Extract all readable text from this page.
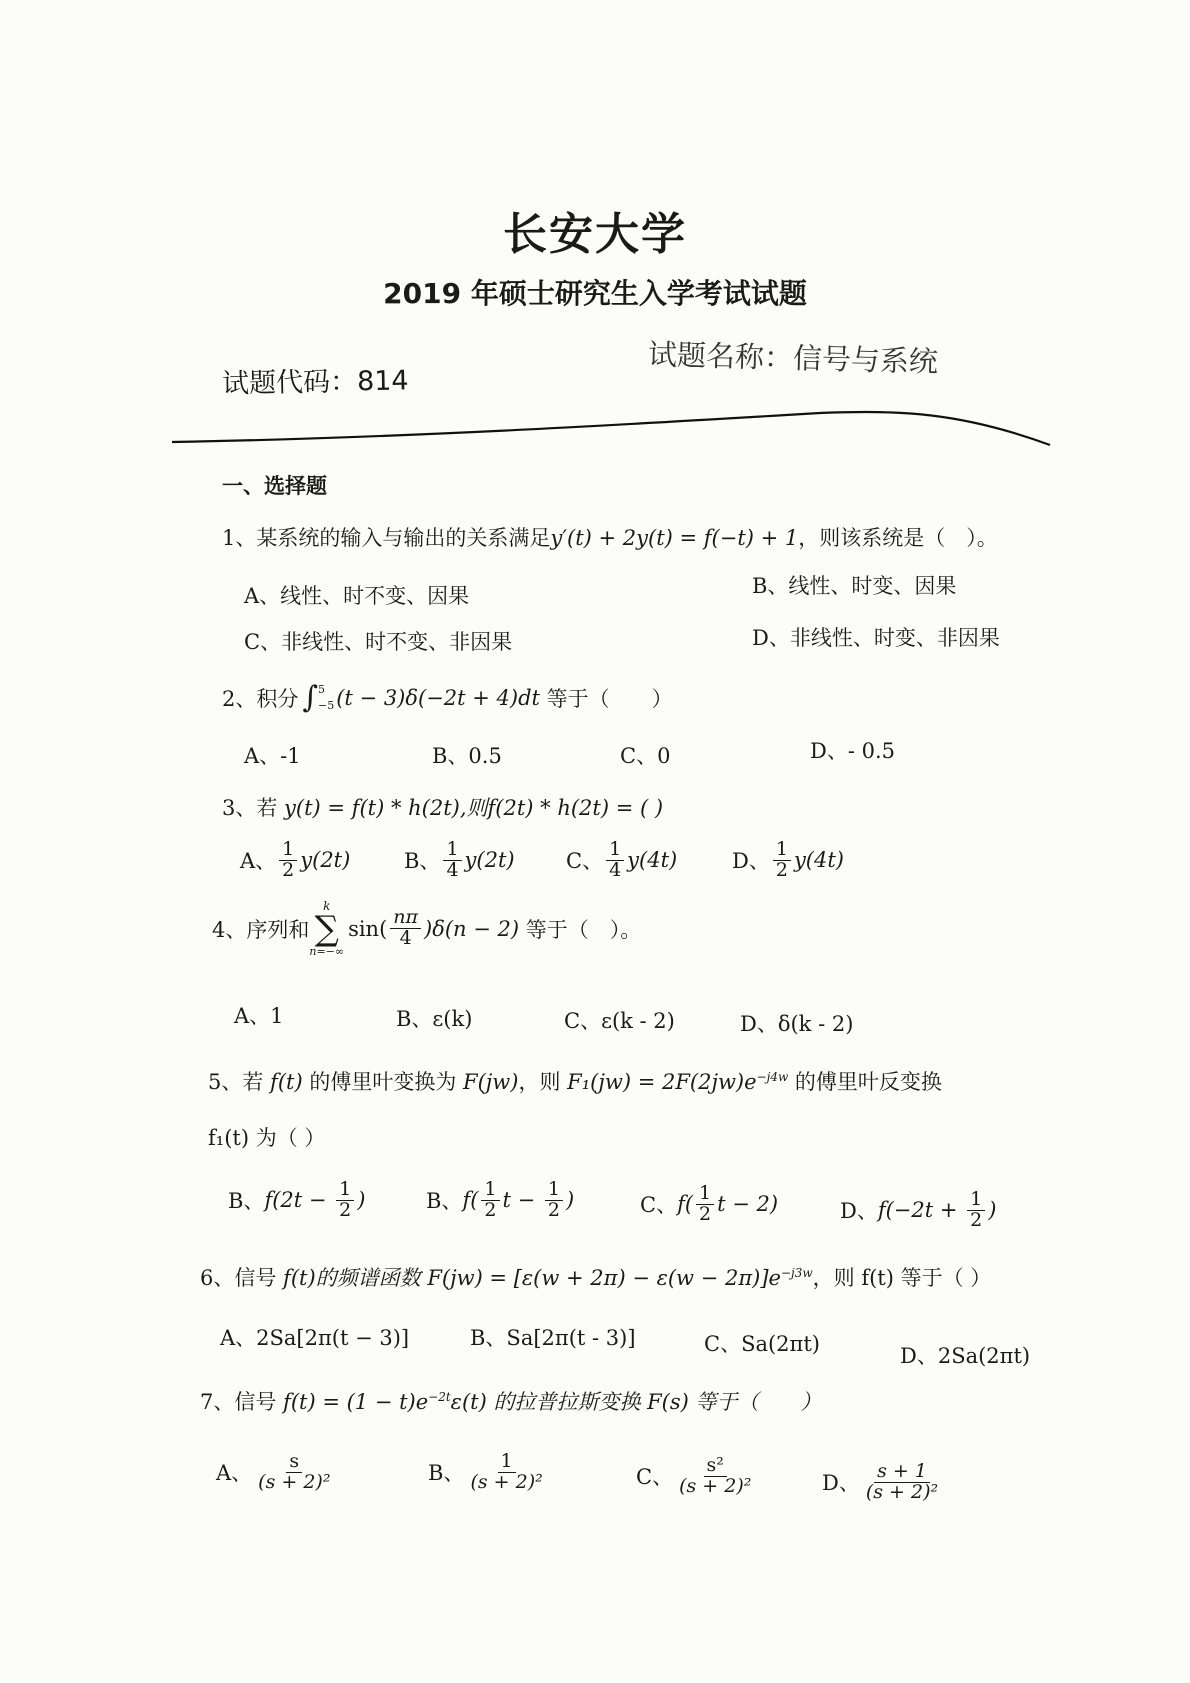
长安大学
2019 年硕士研究生入学考试试题
试题代码：814
试题名称：信号与系统
一、选择题
1、某系统的输入与输出的关系满足y′(t) + 2y(t) = f(−t) + 1，则该系统是（　）。
A、线性、时不变、因果	B、线性、时变、因果
C、非线性、时不变、非因果	D、非线性、时变、非因果
2、积分 ∫ 5
−5 (t − 3)δ(−2t + 4)dt 等于（　　）
A、-1	B、0.5	C、0	D、- 0.5
3、若 y(t) = f(t) * h(2t),则f(2t) * h(2t) = ( )
A、 $\frac{1}{2} y(2t)$	B、 $\frac{1}{4} y(2t)$ C、 $\frac{1}{4} y(4t)$	D、 $\frac{1}{2} y(4t)$
4、序列和
k
∑
n=−∞
$\sin( \frac{n\pi}{4} )\delta(n - 2)$ 等于（　）。
A、1	B、ε(k)	C、ε(k - 2)	D、δ(k - 2)
5、若 f(t) 的傅里叶变换为 F(jw)，则 $F_1(jw) = 2F(2jw)e^{-j4w}$ 的傅里叶反变换
f₁(t) 为（ ）
B、 $f(2t - \frac{1}{2}$ )	B、 $f( \frac{1}{2}$ $t - \frac{1}{2}$ )	C、 $f( \frac{1}{2}$ t − 2)	D、 $f(-2t + \frac{1}{2}$ )
6、信号 f(t)的频谱函数 $F(jw) = [\varepsilon(w + 2\pi) - \varepsilon(w - 2\pi)]e^{-j3w}$，则 f(t) 等于（ ）
A、2Sa[2π(t − 3)]	B、Sa[2π(t - 3)]	C、Sa(2πt)	D、2Sa(2πt)
7、信号 $f(t) = (1 - t)e^{-2t}\varepsilon(t)$ 的拉普拉斯变换 F(s) 等于（　　）
A、 $\frac{s}{\text{(s + 2)²}}$	B、 $\frac{1}{\text{(s + 2)²}}$	C、 $\frac{\text{s²}}{\text{(s + 2)²}}$	D、 $\frac{s + 1}{\text{(s + 2)²}}$
